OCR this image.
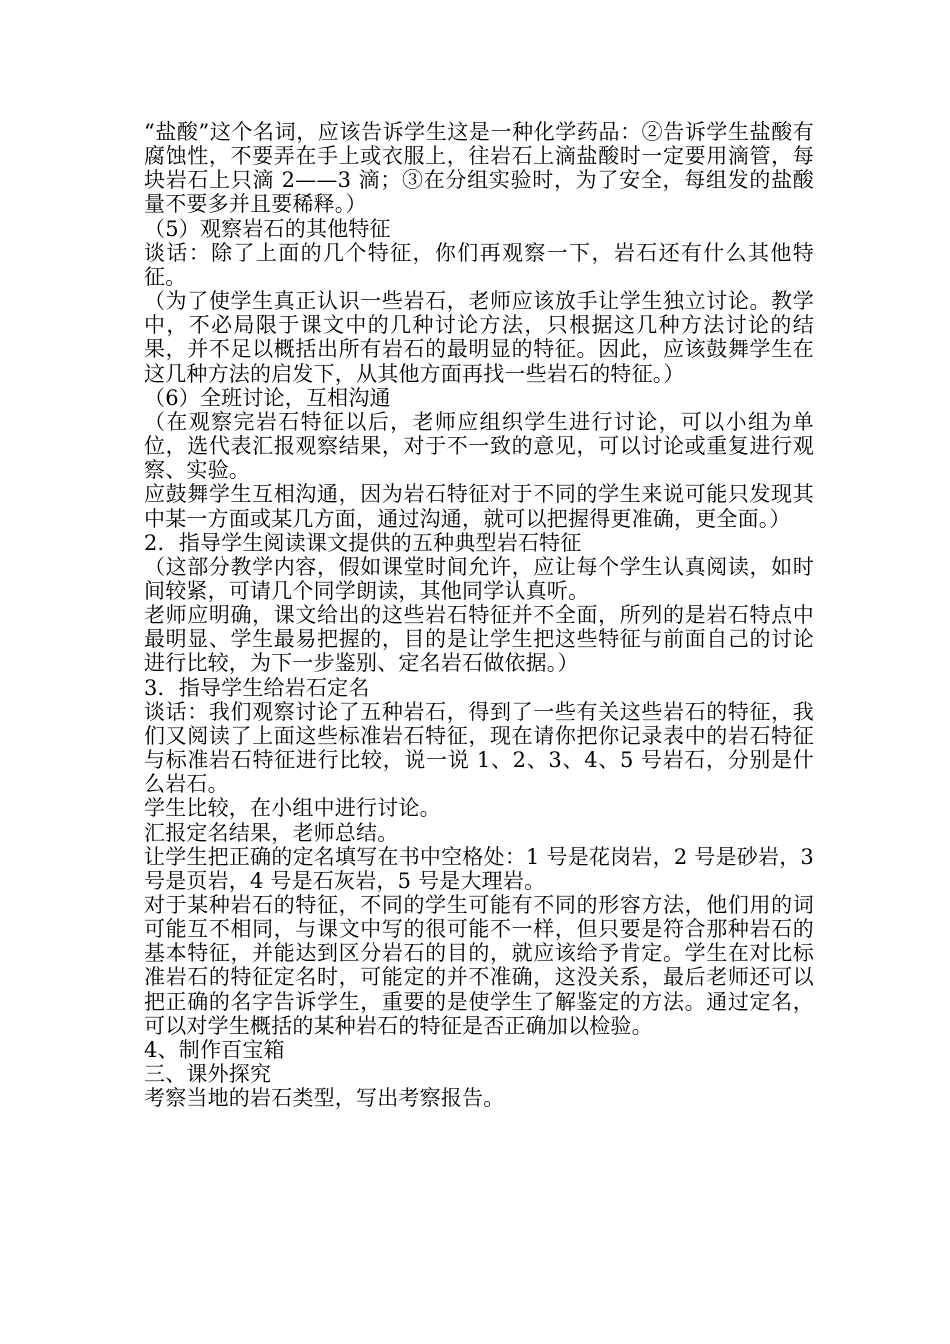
“盐酸”这个名词，应该告诉学生这是一种化学药品：②告诉学生盐酸有腐蚀性，不要弄在手上或衣服上，往岩石上滴盐酸时一定要用滴管，每块岩石上只滴 2——3 滴；③在分组实验时，为了安全，每组发的盐酸量不要多并且要稀释。）

（5）观察岩石的其他特征

谈话：除了上面的几个特征，你们再观察一下，岩石还有什么其他特征。

（为了使学生真正认识一些岩石，老师应该放手让学生独立讨论。教学中，不必局限于课文中的几种讨论方法，只根据这几种方法讨论的结果，并不足以概括出所有岩石的最明显的特征。因此，应该鼓舞学生在这几种方法的启发下，从其他方面再找一些岩石的特征。）

（6）全班讨论，互相沟通

（在观察完岩石特征以后，老师应组织学生进行讨论，可以小组为单位，选代表汇报观察结果，对于不一致的意见，可以讨论或重复进行观察、实验。

应鼓舞学生互相沟通，因为岩石特征对于不同的学生来说可能只发现其中某一方面或某几方面，通过沟通，就可以把握得更准确，更全面。）

2．指导学生阅读课文提供的五种典型岩石特征

（这部分教学内容，假如课堂时间允许，应让每个学生认真阅读，如时间较紧，可请几个同学朗读，其他同学认真听。

老师应明确，课文给出的这些岩石特征并不全面，所列的是岩石特点中最明显、学生最易把握的，目的是让学生把这些特征与前面自己的讨论进行比较，为下一步鉴别、定名岩石做依据。）

3．指导学生给岩石定名

谈话：我们观察讨论了五种岩石，得到了一些有关这些岩石的特征，我们又阅读了上面这些标准岩石特征，现在请你把你记录表中的岩石特征与标准岩石特征进行比较，说一说 1、2、3、4、5 号岩石，分别是什么岩石。

学生比较，在小组中进行讨论。

汇报定名结果，老师总结。

让学生把正确的定名填写在书中空格处：1 号是花岗岩，2 号是砂岩，3 号是页岩，4 号是石灰岩，5 号是大理岩。

对于某种岩石的特征，不同的学生可能有不同的形容方法，他们用的词可能互不相同，与课文中写的很可能不一样，但只要是符合那种岩石的基本特征，并能达到区分岩石的目的，就应该给予肯定。学生在对比标准岩石的特征定名时，可能定的并不准确，这没关系，最后老师还可以把正确的名字告诉学生，重要的是使学生了解鉴定的方法。通过定名，可以对学生概括的某种岩石的特征是否正确加以检验。

4、制作百宝箱

三、课外探究

考察当地的岩石类型，写出考察报告。
